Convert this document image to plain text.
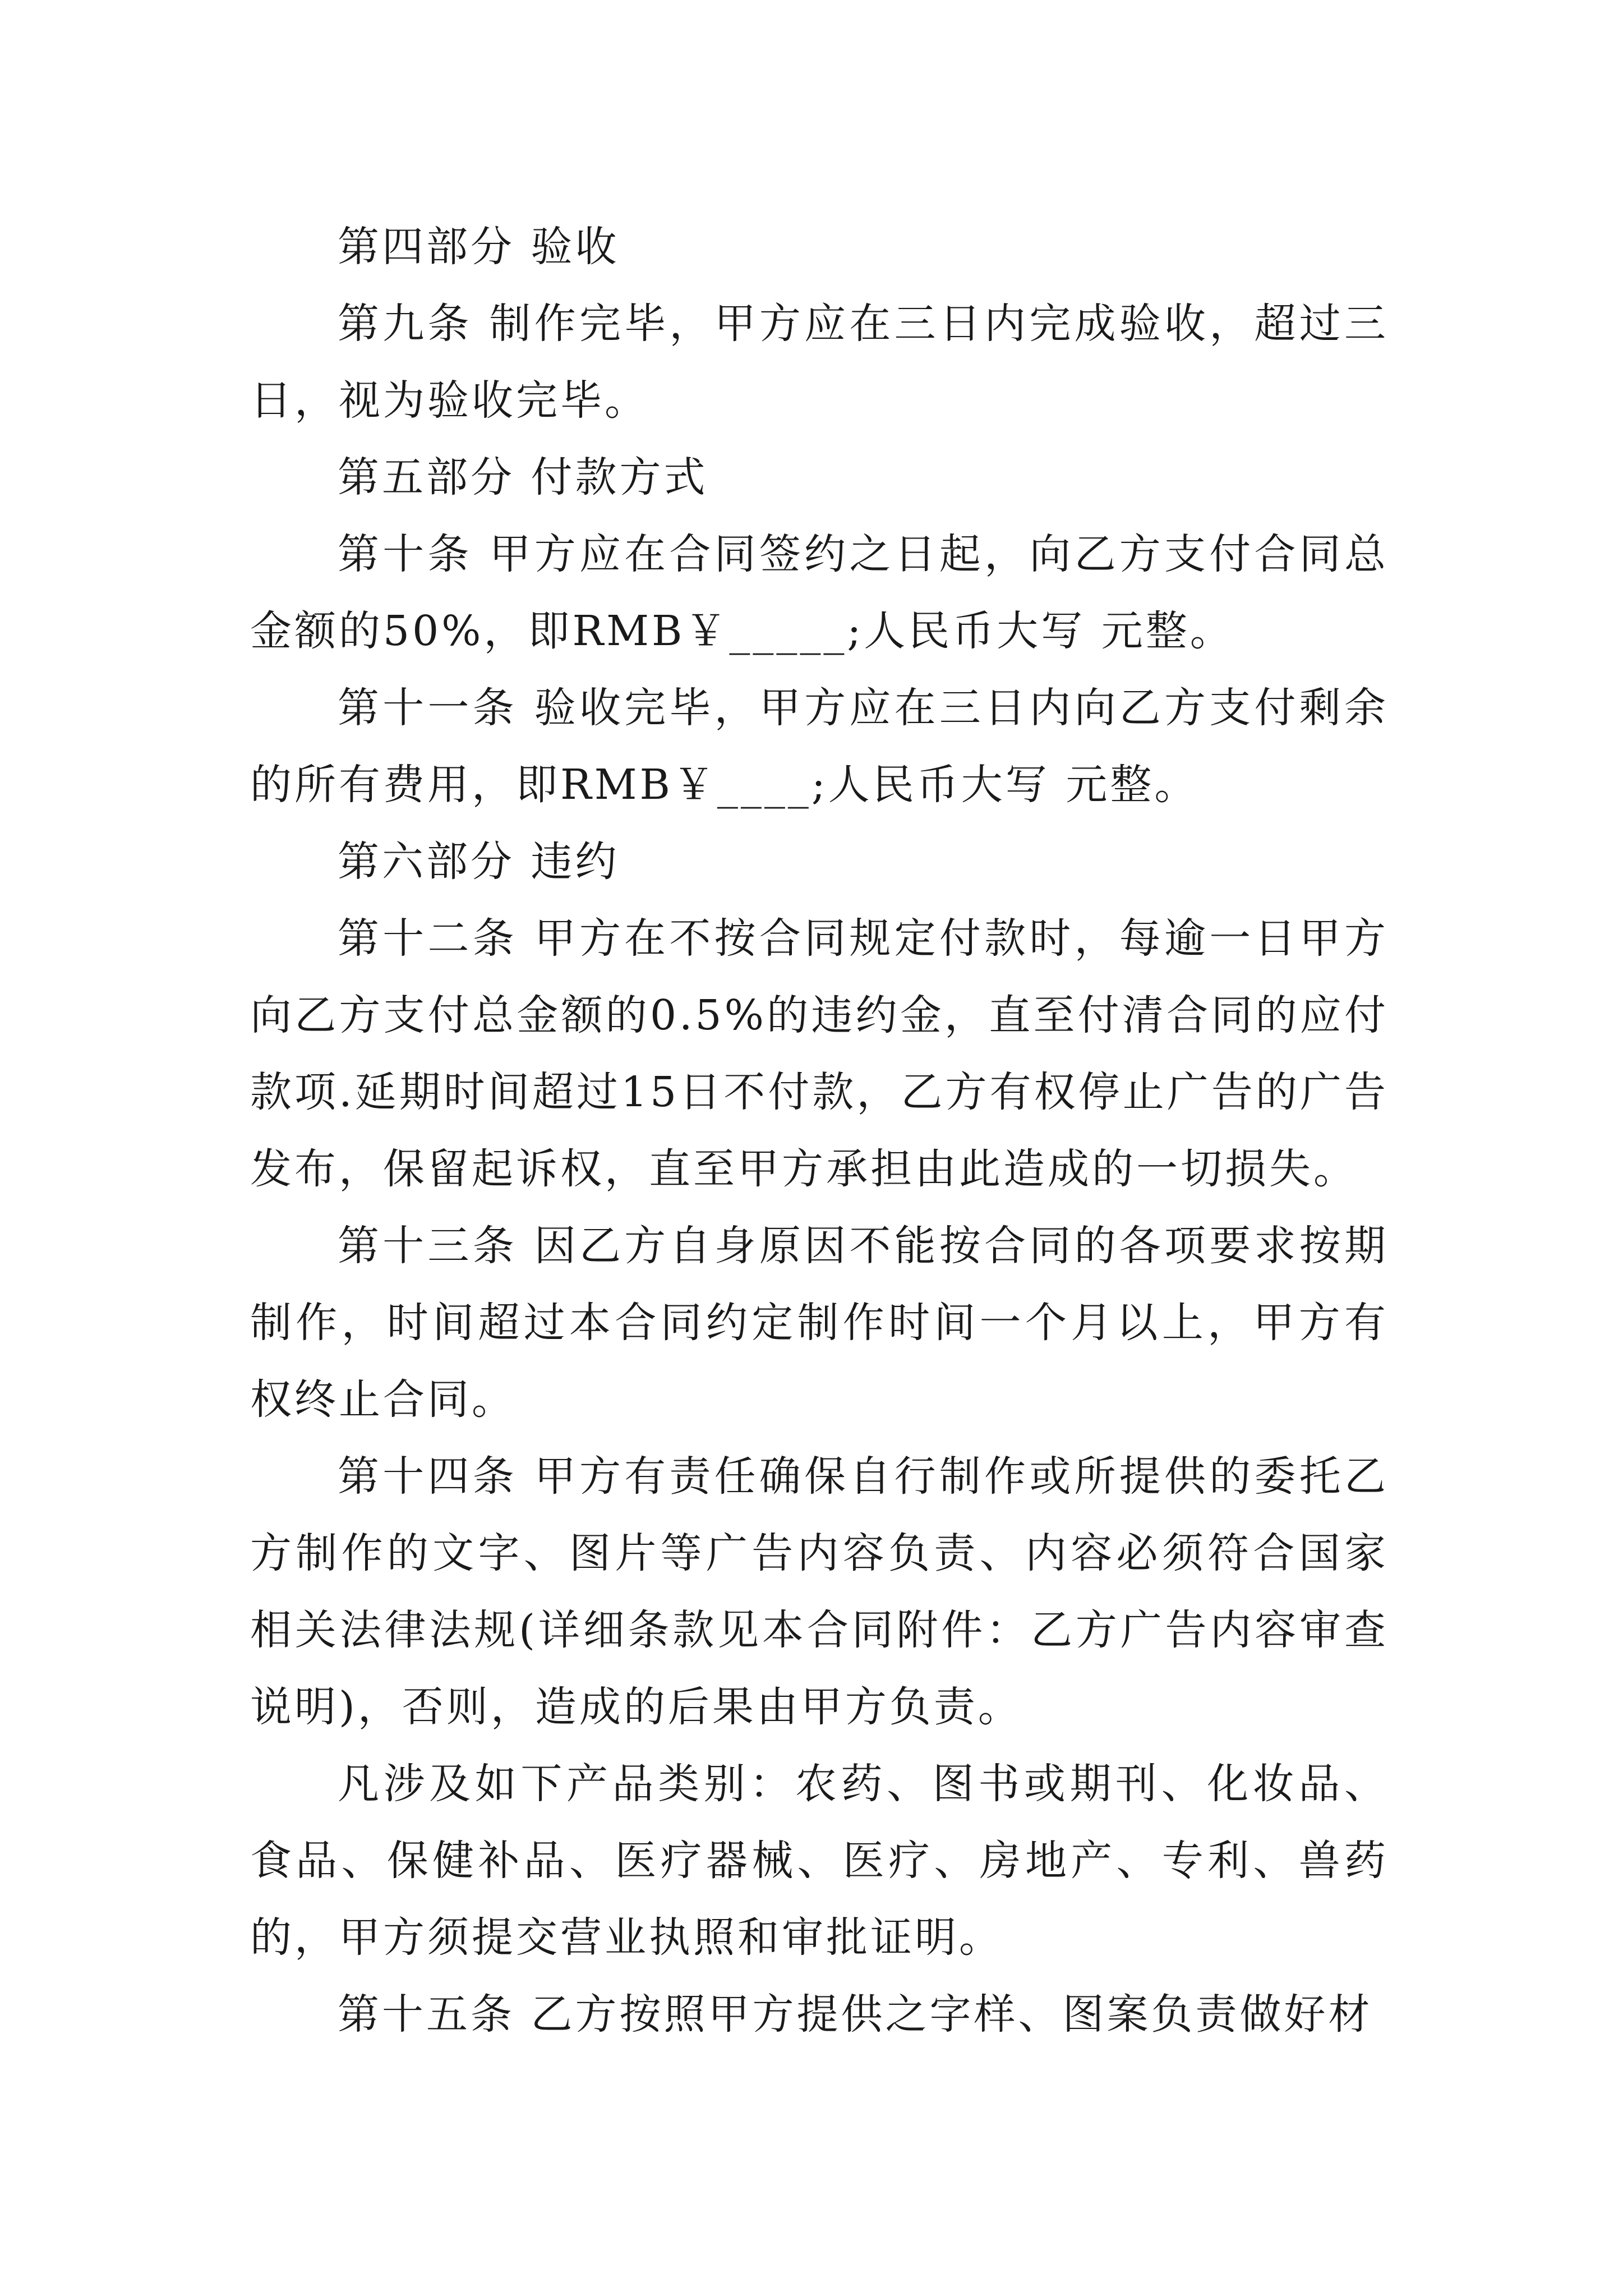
第四部分 验收

第九条 制作完毕，甲方应在三日内完成验收，超过三日，视为验收完毕。

第五部分 付款方式

第十条 甲方应在合同签约之日起，向乙方支付合同总金额的50%，即RMB￥_____;人民币大写 元整。

第十一条 验收完毕，甲方应在三日内向乙方支付剩余的所有费用，即RMB￥____;人民币大写 元整。

第六部分 违约

第十二条 甲方在不按合同规定付款时，每逾一日甲方向乙方支付总金额的0.5%的违约金，直至付清合同的应付款项.延期时间超过15日不付款，乙方有权停止广告的广告发布，保留起诉权，直至甲方承担由此造成的一切损失。

第十三条 因乙方自身原因不能按合同的各项要求按期制作，时间超过本合同约定制作时间一个月以上，甲方有权终止合同。

第十四条 甲方有责任确保自行制作或所提供的委托乙方制作的文字、图片等广告内容负责、内容必须符合国家相关法律法规(详细条款见本合同附件：乙方广告内容审查说明)，否则，造成的后果由甲方负责。

凡涉及如下产品类别：农药、图书或期刊、化妆品、食品、保健补品、医疗器械、医疗、房地产、专利、兽药的，甲方须提交营业执照和审批证明。

第十五条 乙方按照甲方提供之字样、图案负责做好材
